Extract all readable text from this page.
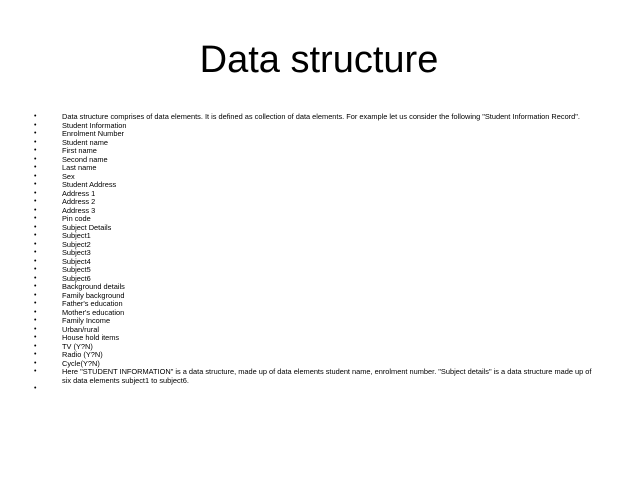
Data structure
•	Data structure comprises of data elements. It is defined as collection of data elements. For example let us consider the following "Student Information Record".
•	Student Information
•	Enrolment Number
•	Student name
•	First name
•	Second name
•	Last name
•	Sex
•	Student Address
•	Address 1
•	Address 2
•	Address 3
•	Pin code
•	Subject Details
•	Subject1
•	Subject2
•	Subject3
•	Subject4
•	Subject5
•	Subject6
•	Background details
•	Family background
•	Father's education
•	Mother's education
•	Family Income
•	Urban/rural
•	House hold items
•	TV (Y?N)
•	Radio (Y?N)
•	Cycle(Y?N)
•	Here "STUDENT INFORMATION" is a data structure, made up of data elements student name, enrolment number. "Subject details" is a data structure made up of six data elements subject1 to subject6.
•
